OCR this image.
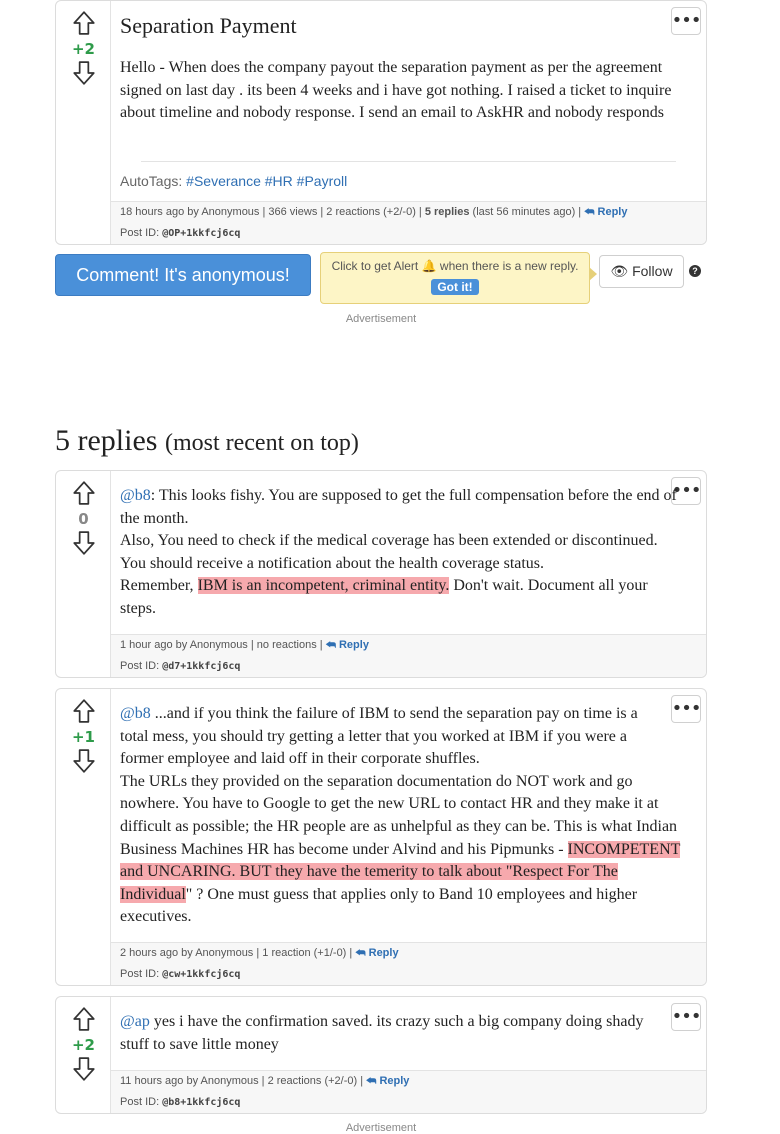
+2
Separation Payment	•••

Hello - When does the company payout the separation payment as per the agreement signed on last day . its been 4 weeks and i have got nothing. I raised a ticket to inquire about timeline and nobody response. I send an email to AskHR and nobody responds

AutoTags: #Severance #HR #Payroll
18 hours ago by Anonymous | 366 views | 2 reactions (+2/-0) | 5 replies (last 56 minutes ago) | ⮪ Reply
Post ID: @OP+1kkfcj6cq
Comment! It's anonymous!	Click to get Alert 🔔 when there is a new reply.
Got it!
👁 Follow	?
Advertisement
5 replies (most recent on top)
0
•••

@b8: This looks fishy. You are supposed to get the full compensation before the end of the month.

Also, You need to check if the medical coverage has been extended or discontinued. You should receive a notification about the health coverage status.

Remember, IBM is an incompetent, criminal entity. Don't wait. Document all your steps.

1 hour ago by Anonymous | no reactions | ⮪ Reply
Post ID: @d7+1kkfcj6cq
+1
•••

@b8 ...and if you think the failure of IBM to send the separation pay on time is a total mess, you should try getting a letter that you worked at IBM if you were a former employee and laid off in their corporate shuffles.

The URLs they provided on the separation documentation do NOT work and go nowhere. You have to Google to get the new URL to contact HR and they make it at difficult as possible; the HR people are as unhelpful as they can be. This is what Indian Business Machines HR has become under Alvind and his Pipmunks - INCOMPETENT and UNCARING. BUT they have the temerity to talk about "Respect For The Individual" ? One must guess that applies only to Band 10 employees and higher executives.

2 hours ago by Anonymous | 1 reaction (+1/-0) | ⮪ Reply
Post ID: @cw+1kkfcj6cq
+2
•••

@ap yes i have the confirmation saved. its crazy such a big company doing shady stuff to save little money

11 hours ago by Anonymous | 2 reactions (+2/-0) | ⮪ Reply
Post ID: @b8+1kkfcj6cq
Advertisement
